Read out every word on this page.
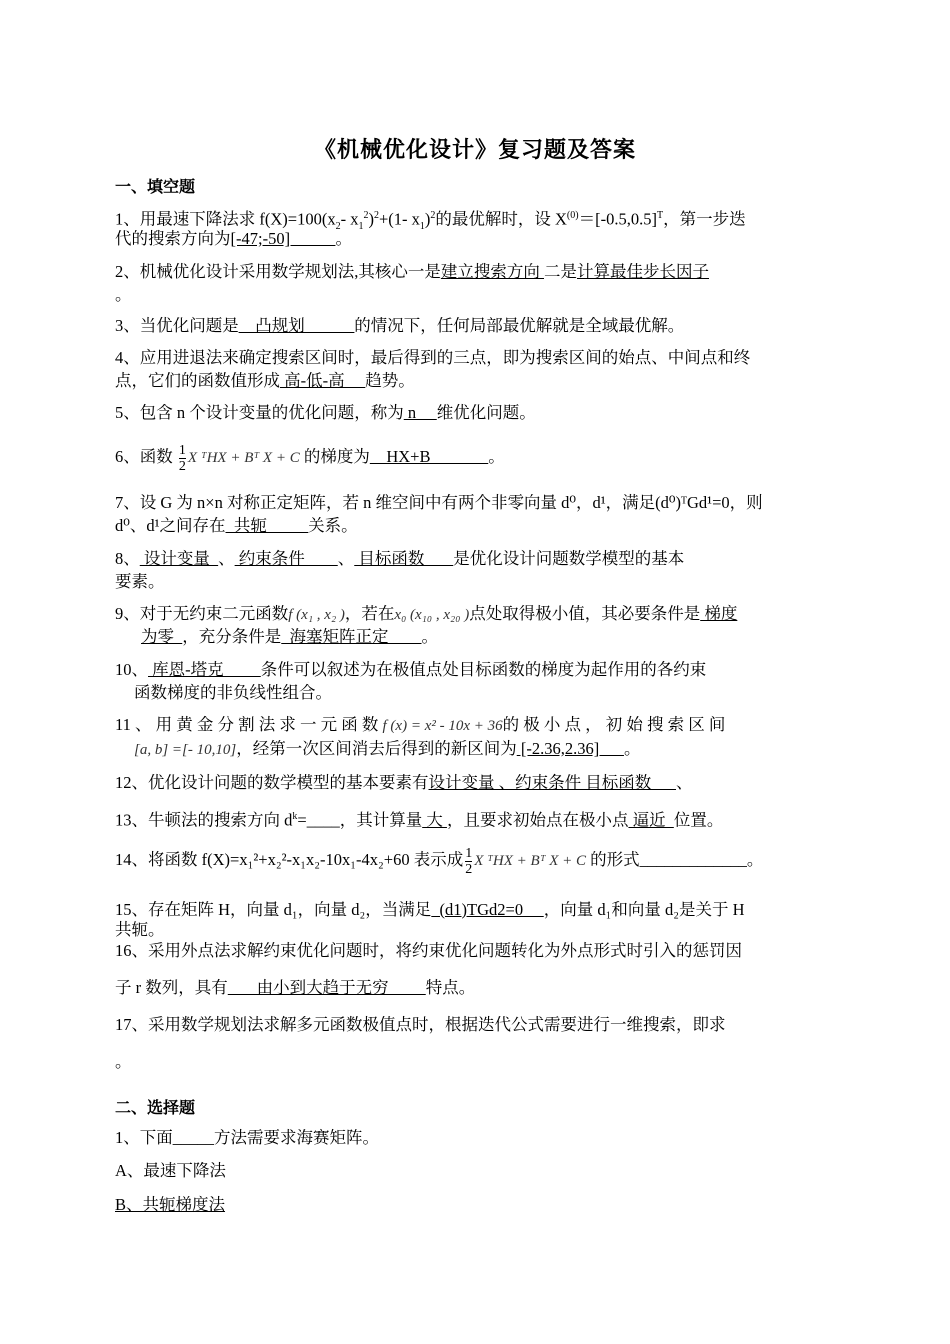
《机械优化设计》复习题及答案
一、填空题
1、用最速下降法求 $f(X)=100(x_2-$ $x_1^2)^2+(1-$ $x_1)^2$的最优解时，设 $X^{(0)}=[-0.5,0.5]^T$，第一步迭
代的搜索方向为[-47;-50]           。
2、机械优化设计采用数学规划法,其核心一是建立搜索方向 二是计算最佳步长因子
。
3、当优化问题是__凸规划______的情况下，任何局部最优解就是全域最优解。
4、应用进退法来确定搜索区间时，最后得到的三点，即为搜索区间的始点、中间点和终
点，它们的函数值形成 高-低-高     趋势。
5、包含 n 个设计变量的优化问题，称为 n     维优化问题。
6、函数 $\frac{1}{2}$ X ᵀHX + Bᵀ X + C 的梯度为    HX+B              。
7、设 G 为 n×n 对称正定矩阵，若 n 维空间中有两个非零向量 d⁰，d¹，满足(d⁰)ᵀGd¹=0，则
d⁰、d¹之间存在_共轭_____关系。
8、 设计变量  、 约束条件        、 目标函数       是优化设计问题数学模型的基本
要素。
9、对于无约束二元函数f (x₁ , x₂ )，若在x₀ (x₁₀ , x₂₀ )点处取得极小值，其必要条件是 梯度
为零  ，充分条件是  海塞矩阵正定        。
10、 库恩-塔克         条件可以叙述为在极值点处目标函数的梯度为起作用的各约束
函数梯度的非负线性组合。
11 、 用 黄 金 分 割 法 求 一 元 函 数 f (x) = x² - 10x + 36的 极 小 点 ， 初 始 搜 索 区 间
[a, b] =[- 10,10]，经第一次区间消去后得到的新区间为 [-2.36,2.36]      。
12、优化设计问题的数学模型的基本要素有设计变量 、约束条件 目标函数      、
13、牛顿法的搜索方向 $d^k=\_\_\_\_$，其计算量 大 ，且要求初始点在极小点 逼近  位置。
14、将函数 f(X)=x₁²+x₂²-x₁x₂-10x₁-4x₂+60 表示成 $\frac{1}{2}$ X ᵀHX + Bᵀ X + C 的形式_____________。
15、存在矩阵 H，向量 d₁，向量 d₂，当满足  (d1)TGd2=0     ，向量 d₁和向量 d₂是关于 H
共轭。
16、采用外点法求解约束优化问题时，将约束优化问题转化为外点形式时引入的惩罚因
子 r 数列，具有       由小到大趋于无穷         特点。
17、采用数学规划法求解多元函数极值点时，根据迭代公式需要进行一维搜索，即求
。
二、选择题
1、下面_____方法需要求海赛矩阵。
A、最速下降法
B、共轭梯度法
